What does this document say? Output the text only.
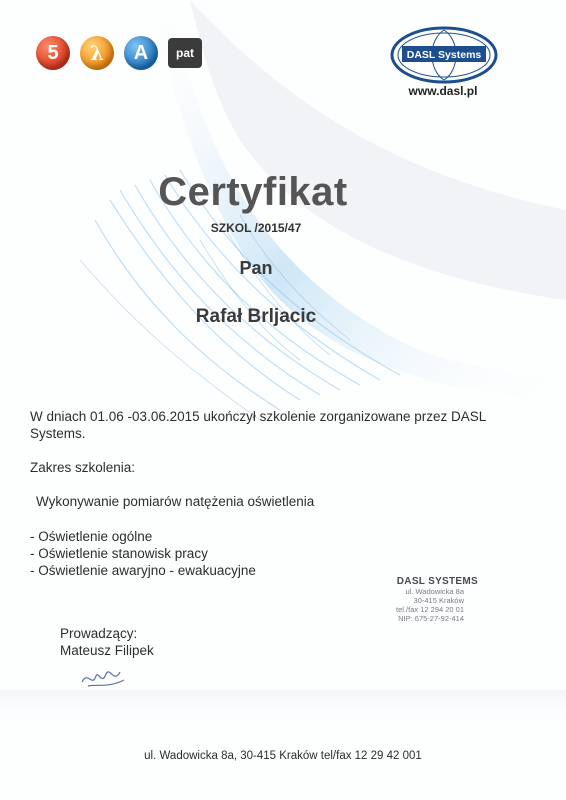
5	λ	A	pat	DASL Systems
www.dasl.pl
Certyfikat
SZKOL /2015/47
Pan
Rafał Brljacic
W dniach 01.06 -03.06.2015 ukończył szkolenie zorganizowane przez DASL Systems.
Zakres szkolenia:
Wykonywanie pomiarów natężenia oświetlenia
- Oświetlenie ogólne
- Oświetlenie stanowisk pracy
- Oświetlenie awaryjno - ewakuacyjne
DASL SYSTEMS
ul. Wadowicka 8a
30-415 Kraków
tel./fax 12 294 20 01
NIP: 675-27-92-414
Prowadzący:
Mateusz Filipek
ul. Wadowicka 8a, 30-415 Kraków tel/fax 12 29 42 001
